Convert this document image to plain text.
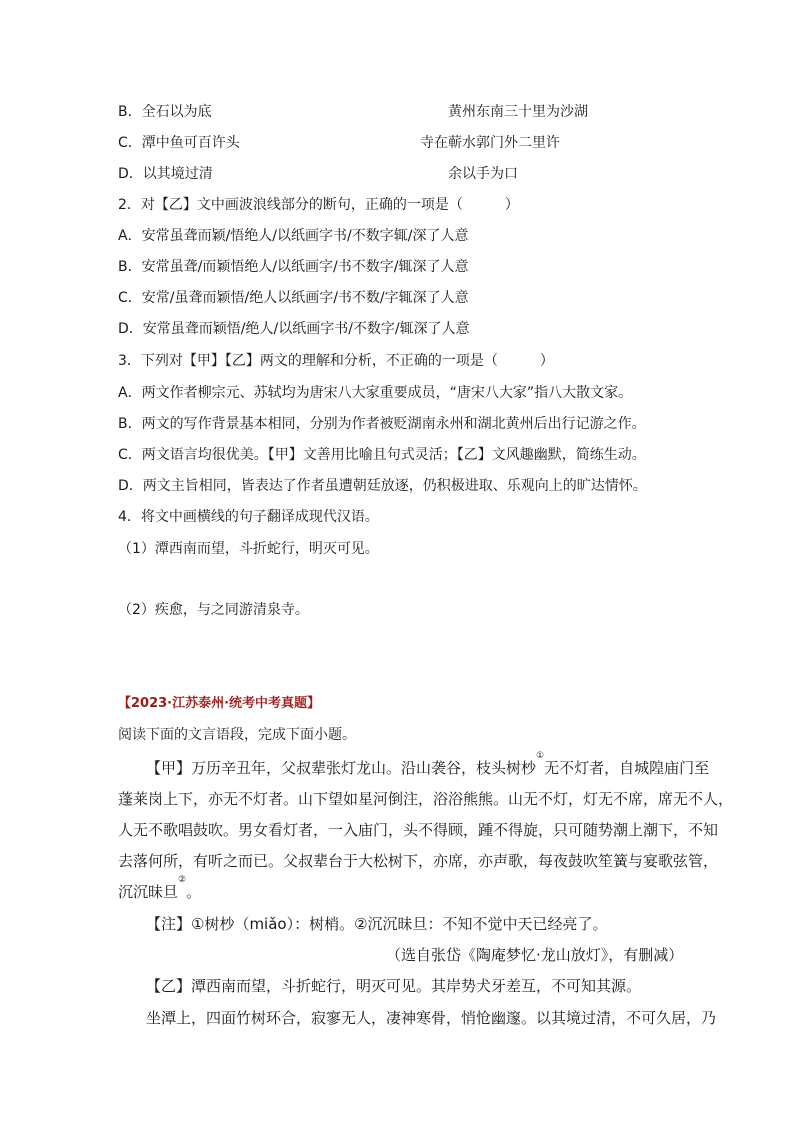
B．全石以为底	黄州东南三十里为沙湖
C．潭中鱼可百许头	寺在蕲水郭门外二里许
D．以其境过清	余以手为口
2．对【乙】文中画波浪线部分的断句，正确的一项是（　　　）
A．安常虽聋而颖/悟绝人/以纸画字书/不数字辄/深了人意
B．安常虽聋/而颖悟绝人/以纸画字/书不数字/辄深了人意
C．安常/虽聋而颖悟/绝人以纸画字/书不数/字辄深了人意
D．安常虽聋而颖悟/绝人/以纸画字书/不数字/辄深了人意
3．下列对【甲】【乙】两文的理解和分析，不正确的一项是（　　　）
A．两文作者柳宗元、苏轼均为唐宋八大家重要成员，“唐宋八大家”指八大散文家。
B．两文的写作背景基本相同，分别为作者被贬湖南永州和湖北黄州后出行记游之作。
C．两文语言均很优美。【甲】文善用比喻且句式灵活；【乙】文风趣幽默，简练生动。
D．两文主旨相同，皆表达了作者虽遭朝廷放逐，仍积极进取、乐观向上的旷达情怀。
4．将文中画横线的句子翻译成现代汉语。
（1）潭西南而望，斗折蛇行，明灭可见。
（2）疾愈，与之同游清泉寺。
【2023·江苏泰州·统考中考真题】
阅读下面的文言语段，完成下面小题。
【甲】万历辛丑年，父叔辈张灯龙山。沿山袭谷，枝头树杪①无不灯者，自城隍庙门至
蓬莱岗上下，亦无不灯者。山下望如星河倒注，浴浴熊熊。山无不灯，灯无不席，席无不人，
人无不歌唱鼓吹。男女看灯者，一入庙门，头不得顾，踵不得旋，只可随势潮上潮下，不知
去落何所，有听之而已。父叔辈台于大松树下，亦席，亦声歌，每夜鼓吹笙簧与宴歌弦管，
沉沉昧旦②。
【注】①树杪（miǎo）：树梢。②沉沉昧旦：不知不觉中天已经亮了。
（选自张岱《陶庵梦忆·龙山放灯》，有删减）
【乙】潭西南而望，斗折蛇行，明灭可见。其岸势犬牙差互，不可知其源。
坐潭上，四面竹树环合，寂寥无人，凄神寒骨，悄怆幽邃。以其境过清，不可久居，乃
